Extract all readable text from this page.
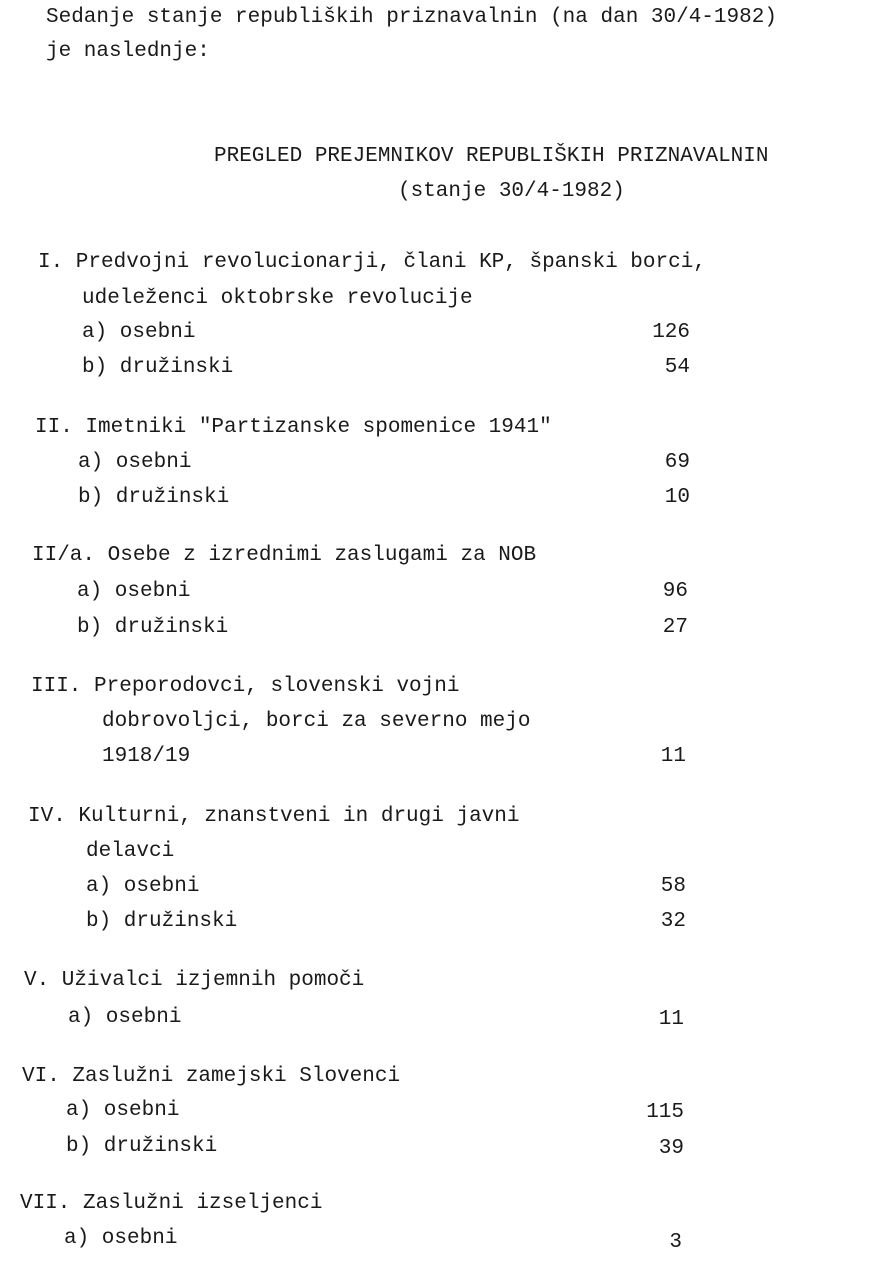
Sedanje stanje republiških priznavalnin (na dan 30/4-1982)
je naslednje:
PREGLED PREJEMNIKOV REPUBLIŠKIH PRIZNAVALNIN
(stanje 30/4-1982)
I. Predvojni revolucionarji, člani KP, španski borci,
udeleženci oktobrske revolucije
a) osebni	126
b) družinski	54
II. Imetniki "Partizanske spomenice 1941"
a) osebni	69
b) družinski	10
II/a. Osebe z izrednimi zaslugami za NOB
a) osebni	96
b) družinski	27
III. Preporodovci, slovenski vojni
dobrovoljci, borci za severno mejo
1918/19	11
IV. Kulturni, znanstveni in drugi javni
delavci
a) osebni	58
b) družinski	32
V. Uživalci izjemnih pomoči
a) osebni	11
VI. Zaslužni zamejski Slovenci
a) osebni	115
b) družinski	39
VII. Zaslužni izseljenci
a) osebni	3
